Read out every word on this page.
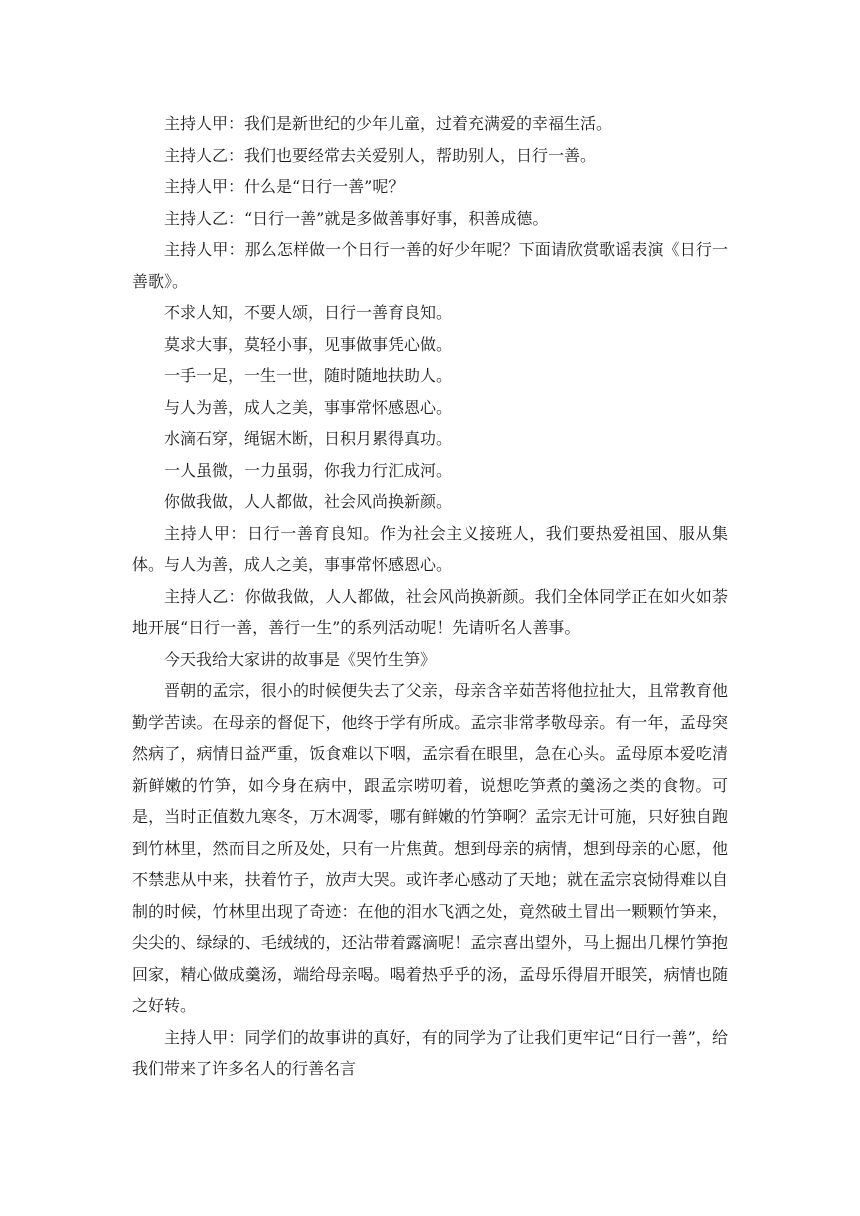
主持人甲：我们是新世纪的少年儿童，过着充满爱的幸福生活。

主持人乙：我们也要经常去关爱别人，帮助别人，日行一善。

主持人甲：什么是“日行一善”呢？

主持人乙：“日行一善”就是多做善事好事，积善成德。

主持人甲：那么怎样做一个日行一善的好少年呢？下面请欣赏歌谣表演《日行一善歌》。

不求人知，不要人颂，日行一善育良知。

莫求大事，莫轻小事，见事做事凭心做。

一手一足，一生一世，随时随地扶助人。

与人为善，成人之美，事事常怀感恩心。

水滴石穿，绳锯木断，日积月累得真功。

一人虽微，一力虽弱，你我力行汇成河。

你做我做，人人都做，社会风尚换新颜。

主持人甲：日行一善育良知。作为社会主义接班人，我们要热爱祖国、服从集体。与人为善，成人之美，事事常怀感恩心。

主持人乙：你做我做，人人都做，社会风尚换新颜。我们全体同学正在如火如荼地开展“日行一善，善行一生”的系列活动呢！先请听名人善事。

今天我给大家讲的故事是《哭竹生笋》

晋朝的孟宗，很小的时候便失去了父亲，母亲含辛茹苦将他拉扯大，且常教育他勤学苦读。在母亲的督促下，他终于学有所成。孟宗非常孝敬母亲。有一年，孟母突然病了，病情日益严重，饭食难以下咽，孟宗看在眼里，急在心头。孟母原本爱吃清新鲜嫩的竹笋，如今身在病中，跟孟宗唠叨着，说想吃笋煮的羹汤之类的食物。可是，当时正值数九寒冬，万木凋零，哪有鲜嫩的竹笋啊？孟宗无计可施，只好独自跑到竹林里，然而目之所及处，只有一片焦黄。想到母亲的病情，想到母亲的心愿，他不禁悲从中来，扶着竹子，放声大哭。或许孝心感动了天地；就在孟宗哀恸得难以自制的时候，竹林里出现了奇迹：在他的泪水飞洒之处，竟然破土冒出一颗颗竹笋来，尖尖的、绿绿的、毛绒绒的，还沾带着露滴呢！孟宗喜出望外，马上掘出几棵竹笋抱回家，精心做成羹汤，端给母亲喝。喝着热乎乎的汤，孟母乐得眉开眼笑，病情也随之好转。

主持人甲：同学们的故事讲的真好，有的同学为了让我们更牢记“日行一善”，给我们带来了许多名人的行善名言
